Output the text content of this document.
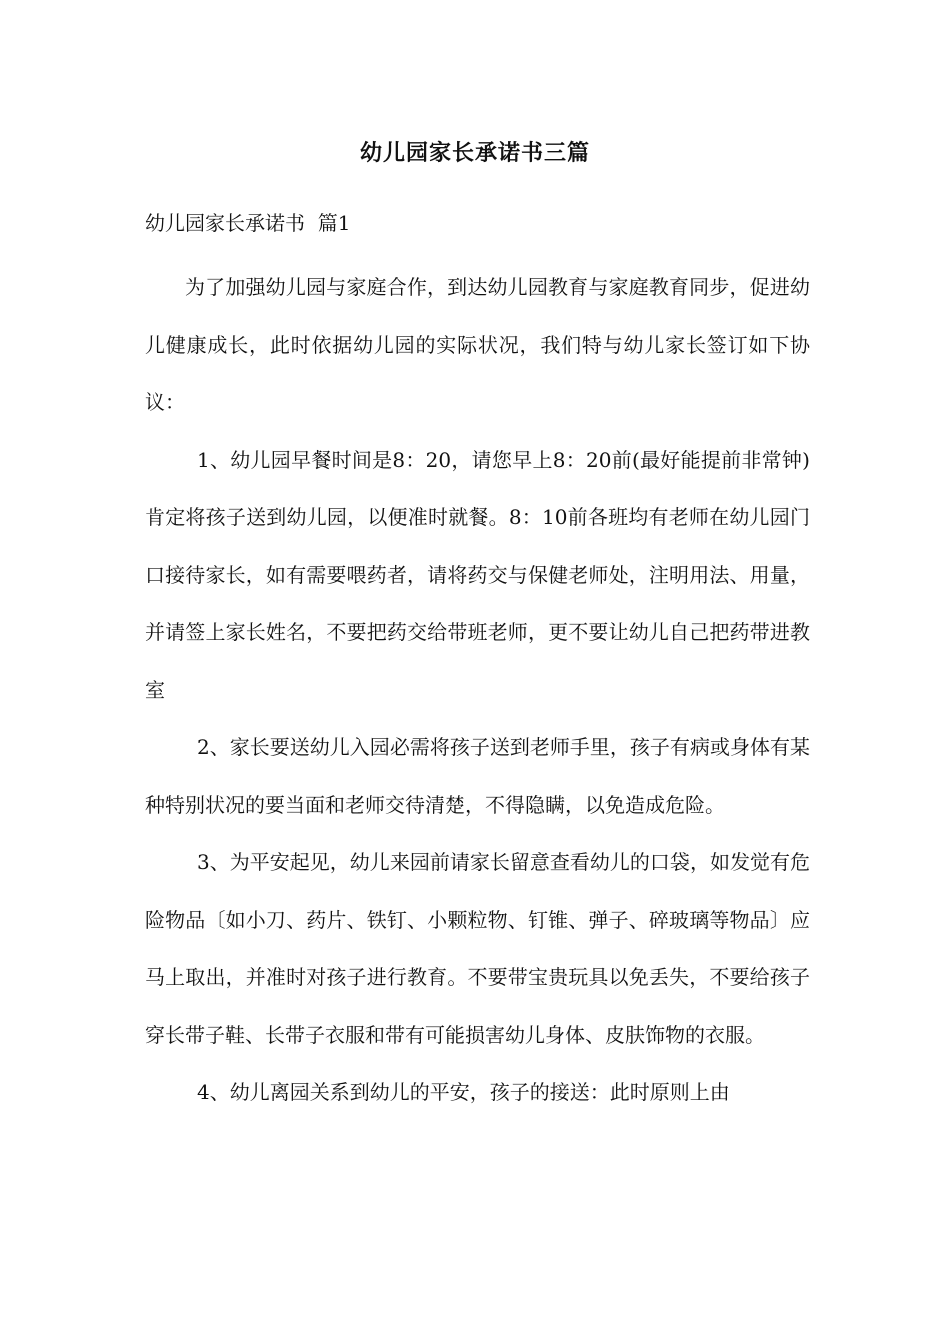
幼儿园家长承诺书三篇
幼儿园家长承诺书  篇1

为了加强幼儿园与家庭合作，到达幼儿园教育与家庭教育同步，促进幼儿健康成长，此时依据幼儿园的实际状况，我们特与幼儿家长签订如下协议：

1、幼儿园早餐时间是8：20，请您早上8：20前(最好能提前非常钟)肯定将孩子送到幼儿园，以便准时就餐。8：10前各班均有老师在幼儿园门口接待家长，如有需要喂药者，请将药交与保健老师处，注明用法、用量，并请签上家长姓名，不要把药交给带班老师，更不要让幼儿自己把药带进教室

2、家长要送幼儿入园必需将孩子送到老师手里，孩子有病或身体有某种特别状况的要当面和老师交待清楚，不得隐瞒，以免造成危险。

3、为平安起见，幼儿来园前请家长留意查看幼儿的口袋，如发觉有危险物品〔如小刀、药片、铁钉、小颗粒物、钉锥、弹子、碎玻璃等物品〕应马上取出，并准时对孩子进行教育。不要带宝贵玩具以免丢失，不要给孩子穿长带子鞋、长带子衣服和带有可能损害幼儿身体、皮肤饰物的衣服。

4、幼儿离园关系到幼儿的平安，孩子的接送：此时原则上由
